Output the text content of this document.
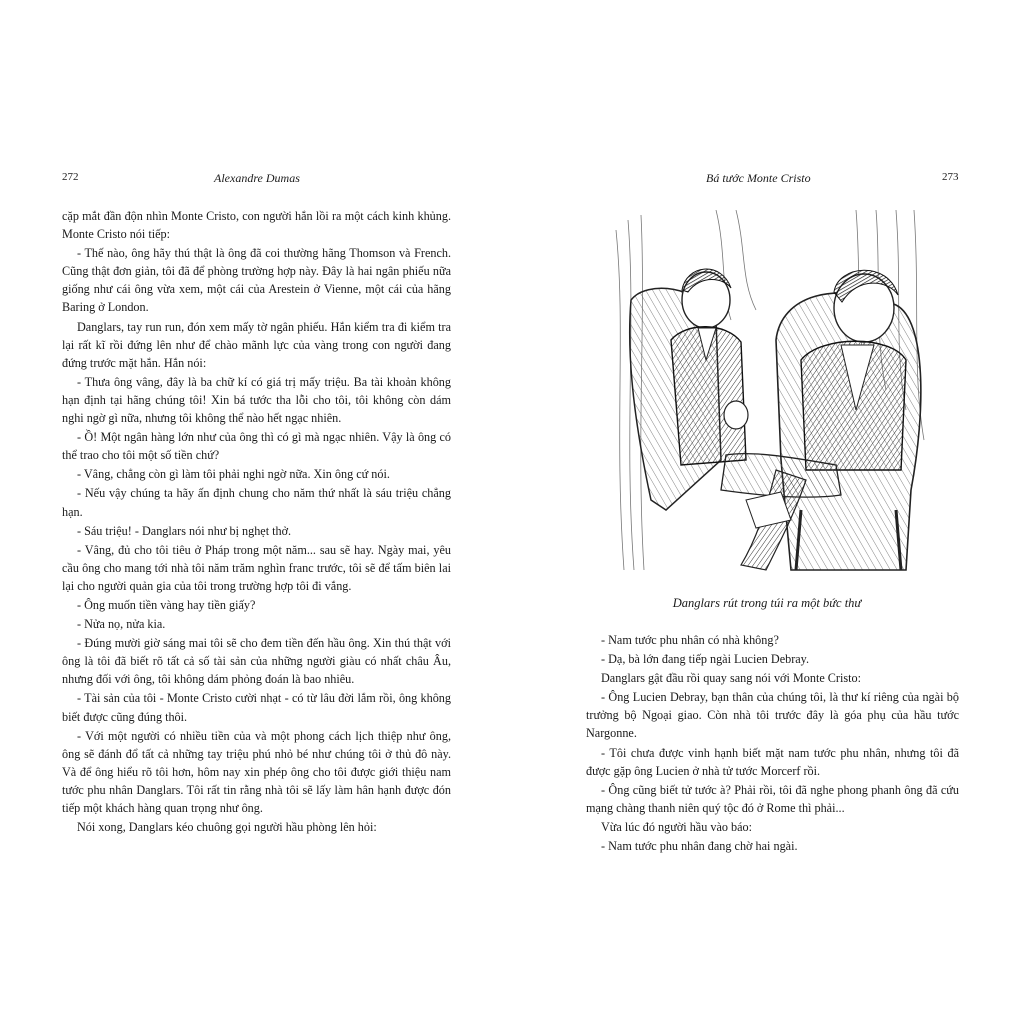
272	Alexandre Dumas

cặp mắt đần độn nhìn Monte Cristo, con người hắn lồi ra một cách kinh khủng. Monte Cristo nói tiếp:

- Thế nào, ông hãy thú thật là ông đã coi thường hãng Thomson và French. Cũng thật đơn giản, tôi đã để phòng trường hợp này. Đây là hai ngân phiếu nữa giống như cái ông vừa xem, một cái của Arestein ở Vienne, một cái của hãng Baring ở London.

Danglars, tay run run, đón xem mấy tờ ngân phiếu. Hắn kiểm tra đi kiểm tra lại rất kĩ rồi đứng lên như để chào mãnh lực của vàng trong con người đang đứng trước mặt hắn. Hắn nói:

- Thưa ông vâng, đây là ba chữ kí có giá trị mấy triệu. Ba tài khoản không hạn định tại hãng chúng tôi! Xin bá tước tha lỗi cho tôi, tôi không còn dám nghi ngờ gì nữa, nhưng tôi không thể nào hết ngạc nhiên.

- Ồ! Một ngân hàng lớn như của ông thì có gì mà ngạc nhiên. Vậy là ông có thể trao cho tôi một số tiền chứ?

- Vâng, chẳng còn gì làm tôi phải nghi ngờ nữa. Xin ông cứ nói.

- Nếu vậy chúng ta hãy ấn định chung cho năm thứ nhất là sáu triệu chẳng hạn.

- Sáu triệu! - Danglars nói như bị nghẹt thở.

- Vâng, đủ cho tôi tiêu ở Pháp trong một năm... sau sẽ hay. Ngày mai, yêu cầu ông cho mang tới nhà tôi năm trăm nghìn franc trước, tôi sẽ để tấm biên lai lại cho người quản gia của tôi trong trường hợp tôi đi vắng.

- Ông muốn tiền vàng hay tiền giấy?

- Nửa nọ, nửa kia.

- Đúng mười giờ sáng mai tôi sẽ cho đem tiền đến hầu ông. Xin thú thật với ông là tôi đã biết rõ tất cả số tài sản của những người giàu có nhất châu Âu, nhưng đối với ông, tôi không dám phỏng đoán là bao nhiêu.

- Tài sản của tôi - Monte Cristo cười nhạt - có từ lâu đời lắm rồi, ông không biết được cũng đúng thôi.

- Với một người có nhiều tiền của và một phong cách lịch thiệp như ông, ông sẽ đánh đổ tất cả những tay triệu phú nhỏ bé như chúng tôi ở thủ đô này. Và để ông hiểu rõ tôi hơn, hôm nay xin phép ông cho tôi được giới thiệu nam tước phu nhân Danglars. Tôi rất tin rằng nhà tôi sẽ lấy làm hân hạnh được đón tiếp một khách hàng quan trọng như ông.

Nói xong, Danglars kéo chuông gọi người hầu phòng lên hỏi:

Bá tước Monte Cristo	273
Danglars rút trong túi ra một bức thư

- Nam tước phu nhân có nhà không?

- Dạ, bà lớn đang tiếp ngài Lucien Debray.

Danglars gật đầu rồi quay sang nói với Monte Cristo:

- Ông Lucien Debray, bạn thân của chúng tôi, là thư kí riêng của ngài bộ trưởng bộ Ngoại giao. Còn nhà tôi trước đây là góa phụ của hầu tước Nargonne.

- Tôi chưa được vinh hạnh biết mặt nam tước phu nhân, nhưng tôi đã được gặp ông Lucien ở nhà tử tước Morcerf rồi.

- Ông cũng biết tử tước à? Phải rồi, tôi đã nghe phong phanh ông đã cứu mạng chàng thanh niên quý tộc đó ở Rome thì phải...

Vừa lúc đó người hầu vào báo:

- Nam tước phu nhân đang chờ hai ngài.
